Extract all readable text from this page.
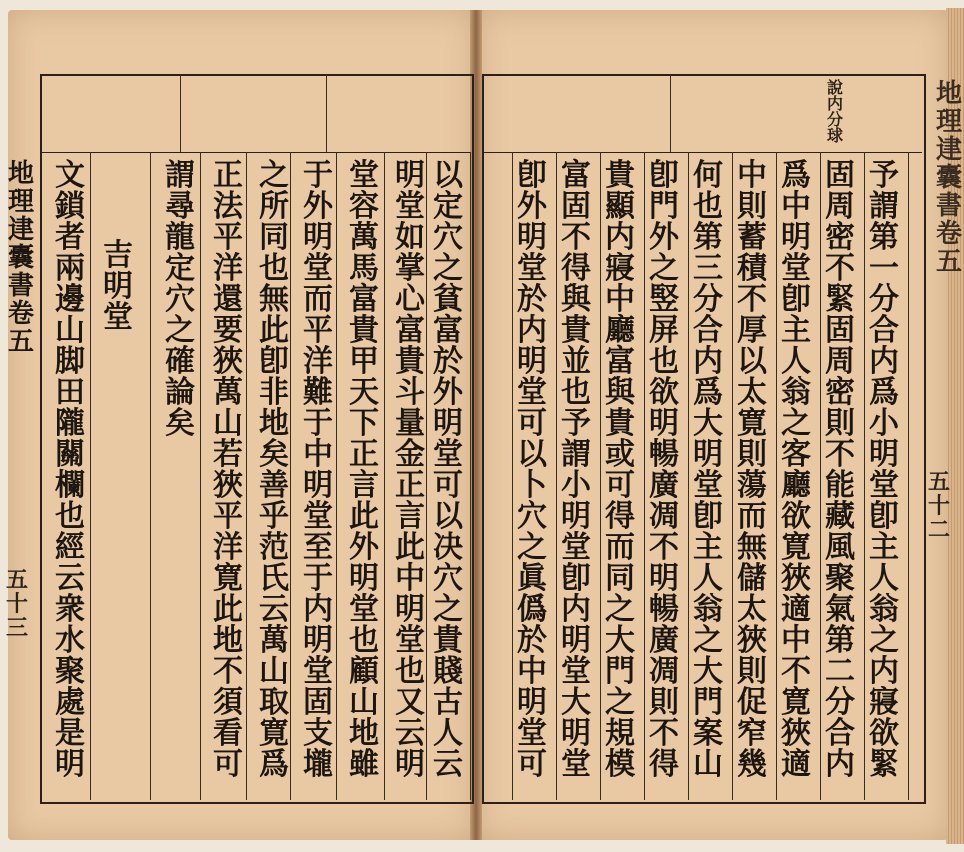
地理䢖囊書卷五
地理䢖囊書卷五
五十三
五十二
說内分球
以定穴之貧富於外明堂可以决穴之貴賤古人云
明堂如掌心富貴斗量金正言此中明堂也又云明
堂容萬馬富貴甲天下正言此外明堂也顧山地雖
于外明堂而平洋難于中明堂至于内明堂固支壠
之所同也無此卽非地矣善乎范氏云萬山取寛爲
正法平洋還要狹萬山若狹平洋寛此地不須看可
謂尋龍定穴之確論矣
吉明堂
文鎖者兩邊山脚田隴關欄也經云衆水聚處是明
予謂第一分合内爲小明堂卽主人翁之内寢欲緊
固周密不緊固周密則不能藏風聚氣第二分合内
爲中明堂卽主人翁之客廳欲寛狹適中不寛狹適
中則蓄積不厚以太寛則蕩而無儲太狹則促窄幾
何也第三分合内爲大明堂卽主人翁之大門案山
卽門外之竪屏也欲明暢廣凋不明暢廣凋則不得
貴顯内寢中廳富與貴或可得而同之大門之規模
富固不得與貴並也予謂小明堂卽内明堂大明堂
卽外明堂於内明堂可以卜穴之眞僞於中明堂可
